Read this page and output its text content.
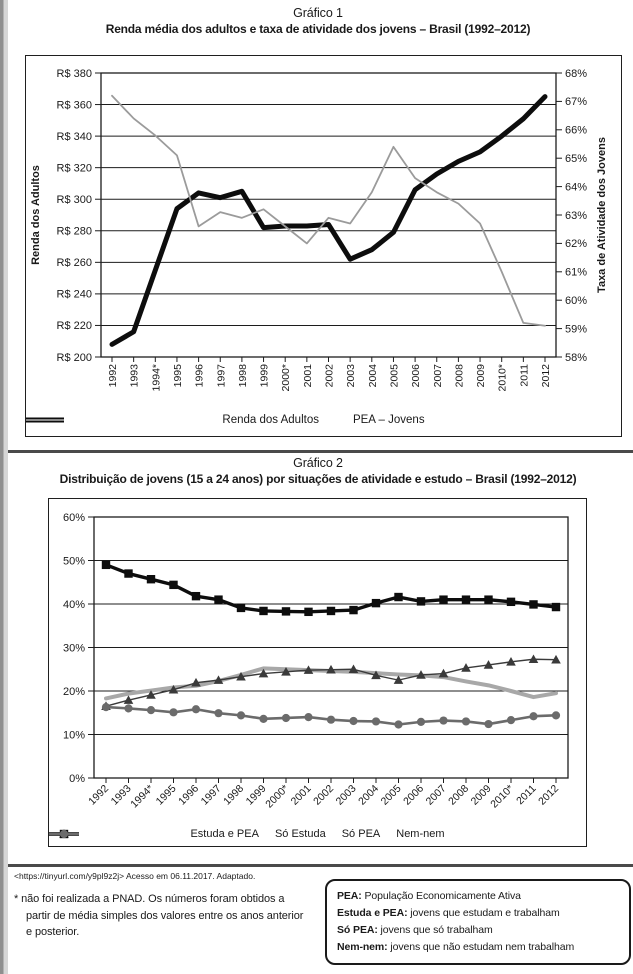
Gráfico 1
Renda média dos adultos e taxa de atividade dos jovens – Brasil (1992–2012)
R$ 200
R$ 220
R$ 240
R$ 260
R$ 280
R$ 300
R$ 320
R$ 340
R$ 360
R$ 380
58%
59%
60%
61%
62%
63%
64%
65%
66%
67%
68%
1992 1993 1994* 1995 1996 1997 1998 1999 2000* 2001 2002 2003 2004 2005 2006 2007 2008 2009 2010* 2011 2012
Renda dos Adultos	Taxa de Atividade dos Jovens
Renda dos Adultos	PEA – Jovens
Gráfico 2
Distribuição de jovens (15 a 24 anos) por situações de atividade e estudo – Brasil (1992–2012)
0%
10%
20%
30%
40%
50%
60%
1992
1993
1994*
1995
1996
1997
1998
1999
2000*
2001
2002
2003
2004
2005
2006
2007
2008
2009
2010*
2011
2012
Estuda e PEA Só Estuda Só PEA Nem-nem
<https://tinyurl.com/y9pl9z2j> Acesso em 06.11.2017. Adaptado.
* não foi realizada a PNAD. Os números foram obtidos a partir de média simples dos valores entre os anos anterior e posterior.
PEA: População Economicamente Ativa
Estuda e PEA: jovens que estudam e trabalham
Só PEA: jovens que só trabalham
Nem-nem: jovens que não estudam nem trabalham
